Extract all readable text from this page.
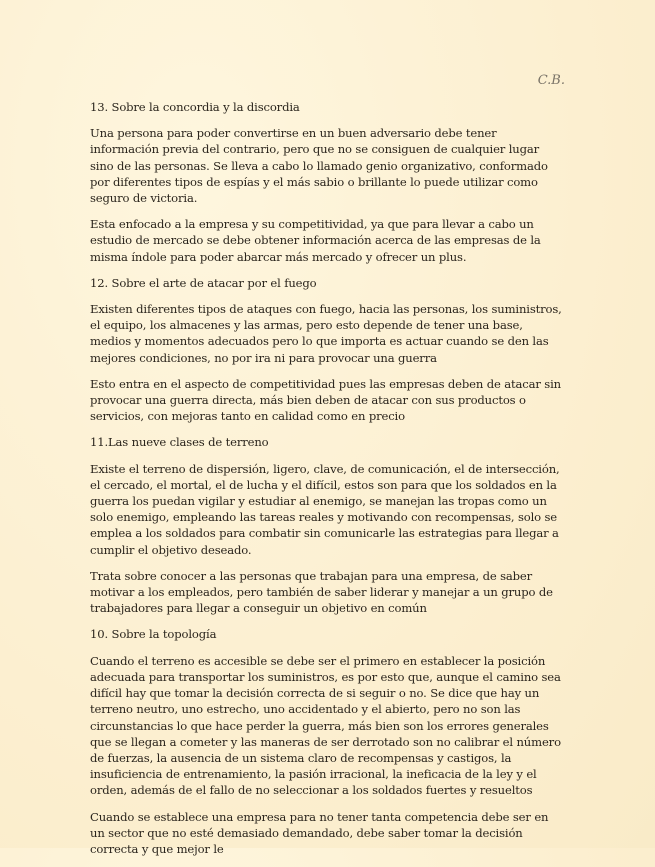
C.B.

13. Sobre la concordia y la discordia

Una persona para poder convertirse en un buen adversario debe tener información previa del contrario, pero que no se consiguen de cualquier lugar sino de las personas. Se lleva a cabo lo llamado genio organizativo, conformado por diferentes tipos de espías y el más sabio o brillante lo puede utilizar como seguro de victoria.

Esta enfocado a la empresa y su competitividad, ya que para llevar a cabo un estudio de mercado se debe obtener información acerca de las empresas de la misma índole para poder abarcar más mercado y ofrecer un plus.

12. Sobre el arte de atacar por el fuego

Existen diferentes tipos de ataques con fuego, hacia las personas, los suministros, el equipo, los almacenes y las armas, pero esto depende de tener una base, medios y momentos adecuados pero lo que importa es actuar cuando se den las mejores condiciones, no por ira ni para provocar una guerra

Esto entra en el aspecto de competitividad pues las empresas deben de atacar sin provocar una guerra directa, más bien deben de atacar con sus productos o servicios, con mejoras tanto en calidad como en precio

11.Las nueve clases de terreno

Existe el terreno de dispersión, ligero, clave, de comunicación, el de intersección, el cercado, el mortal, el de lucha y el difícil, estos son para que los soldados en la guerra los puedan vigilar y estudiar al enemigo, se manejan las tropas como un solo enemigo, empleando las tareas reales y motivando con recompensas, solo se emplea a los soldados para combatir sin comunicarle las estrategias para llegar a cumplir el objetivo deseado.

Trata sobre conocer a las personas que trabajan para una empresa, de saber motivar a los empleados, pero también de saber liderar y manejar a un grupo de trabajadores para llegar a conseguir un objetivo en común

10. Sobre la topología

Cuando el terreno es accesible se debe ser el primero en establecer la posición adecuada para transportar los suministros, es por esto que, aunque el camino sea difícil hay que tomar la decisión correcta de si seguir o no. Se dice que hay un terreno neutro, uno estrecho, uno accidentado y el abierto, pero no son las circunstancias lo que hace perder la guerra, más bien son los errores generales que se llegan a cometer y las maneras de ser derrotado son no calibrar el número de fuerzas, la ausencia de un sistema claro de recompensas y castigos, la insuficiencia de entrenamiento, la pasión irracional, la ineficacia de la ley y el orden, además de el fallo de no seleccionar a los soldados fuertes y resueltos

Cuando se establece una empresa para no tener tanta competencia debe ser en un sector que no esté demasiado demandado, debe saber tomar la decisión correcta y que mejor le
